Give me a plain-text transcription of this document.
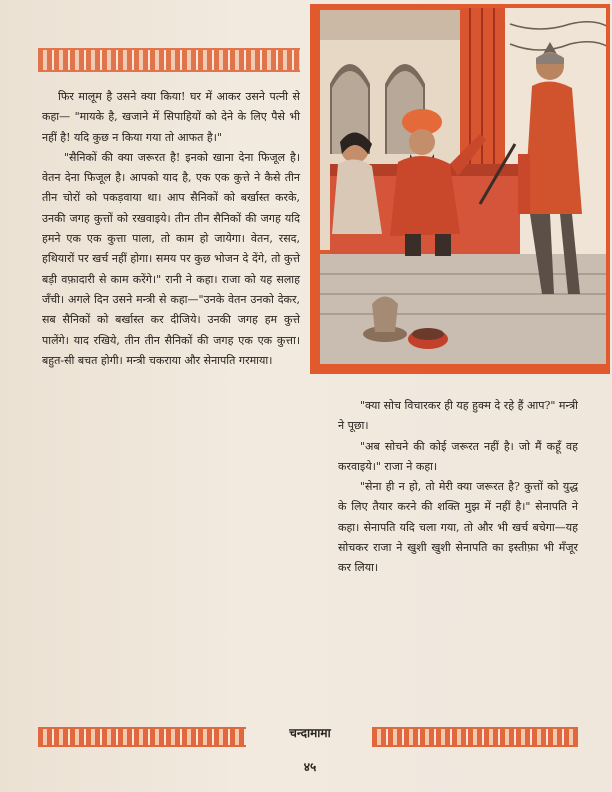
फिर मालूम है उसने क्या किया! घर में आकर उसने पत्नी से कहा— "मायके है, खजाने में सिपाहियों को देने के लिए पैसे भी नहीं है! यदि कुछ न किया गया तो आफत है।"

"सैनिकों की क्या जरूरत है! इनको खाना देना फिजूल है। वेतन देना फिजूल है। आपको याद है, एक एक कुत्ते ने कैसे तीन तीन चोरों को पकड़वाया था। आप सैनिकों को बर्खास्त करके, उनकी जगह कुत्तों को रखवाइये। तीन तीन सैनिकों की जगह यदि हमने एक एक कुत्ता पाला, तो काम हो जायेगा। वेतन, रसद, हथियारों पर खर्च नहीं होगा। समय पर कुछ भोजन दे देंगे, तो कुत्ते बड़ी वफ़ादारी से काम करेंगे।" रानी ने कहा। राजा को यह सलाह जँची। अगले दिन उसने मन्त्री से कहा—"उनके वेतन उनको देकर, सब सैनिकों को बर्खास्त कर दीजिये। उनकी जगह हम कुत्ते पालेंगे। याद रखिये, तीन तीन सैनिकों की जगह एक एक कुत्ता। बहुत-सी बचत होगी। मन्त्री चकराया और सेनापति गरमाया।

"क्या सोच विचारकर ही यह हुक्म दे रहे हैं आप?" मन्त्री ने पूछा।

"अब सोचने की कोई जरूरत नहीं है। जो मैं कहूँ वह करवाइये।" राजा ने कहा।

"सेना ही न हो, तो मेरी क्या जरूरत है? कुत्तों को युद्ध के लिए तैयार करने की शक्ति मुझ में नहीं है।" सेनापति ने कहा। सेनापति यदि चला गया, तो और भी खर्च बचेगा—यह सोचकर राजा ने खुशी खुशी सेनापति का इस्तीफ़ा भी मँजूर कर लिया।

चन्दामामा
४५
